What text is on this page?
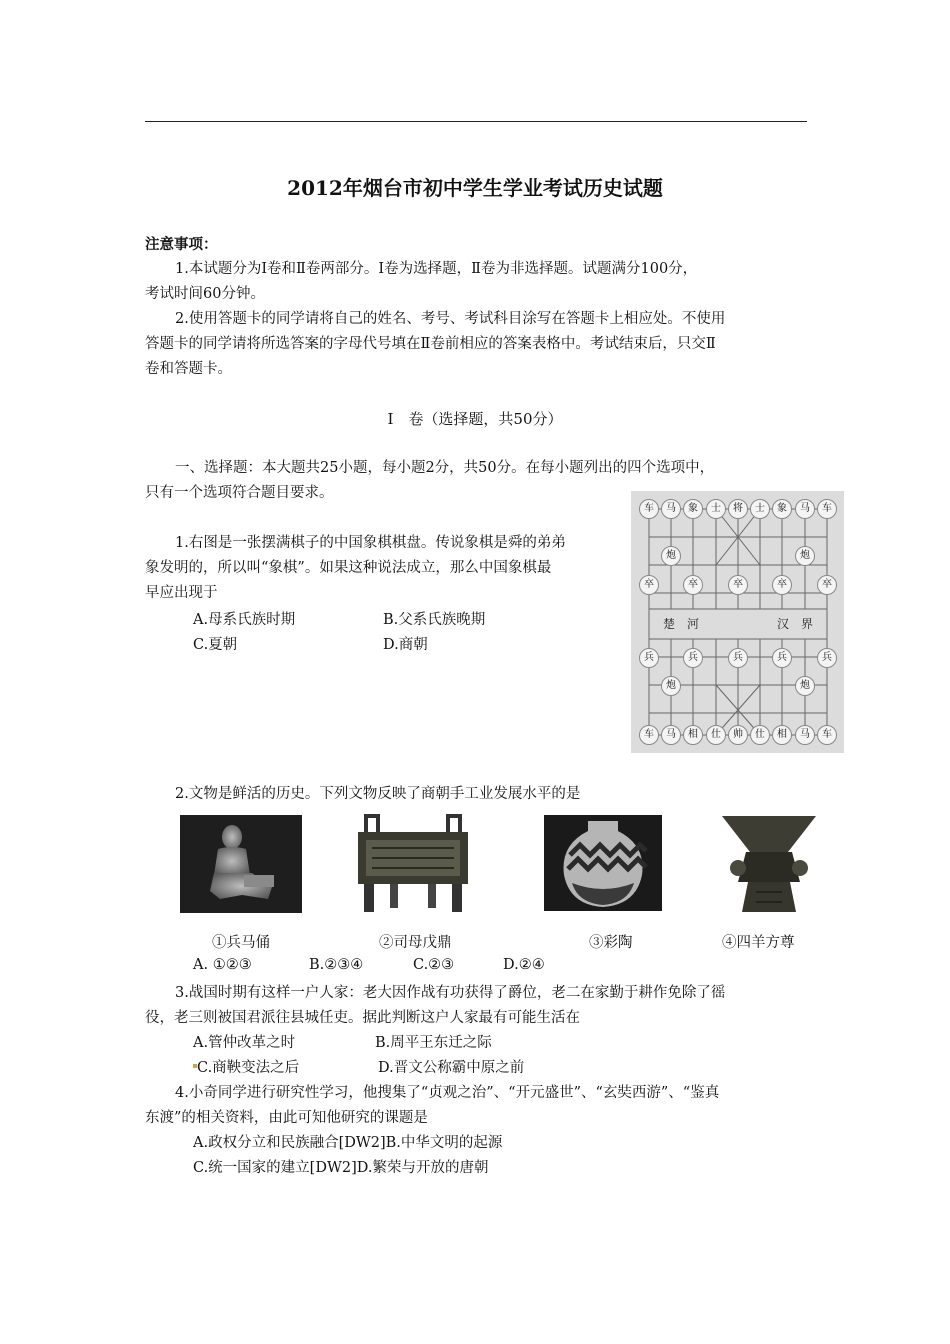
2012年烟台市初中学生学业考试历史试题
注意事项：
1.本试题分为Ⅰ卷和Ⅱ卷两部分。Ⅰ卷为选择题，Ⅱ卷为非选择题。试题满分100分，
考试时间60分钟。
2.使用答题卡的同学请将自己的姓名、考号、考试科目涂写在答题卡上相应处。不使用
答题卡的同学请将所选答案的字母代号填在Ⅱ卷前相应的答案表格中。考试结束后，只交Ⅱ
卷和答题卡。
Ⅰ　卷（选择题，共50分）
一、选择题：本大题共25小题，每小题2分，共50分。在每小题列出的四个选项中，
只有一个选项符合题目要求。
1.右图是一张摆满棋子的中国象棋棋盘。传说象棋是舜的弟弟
象发明的，所以叫“象棋”。如果这种说法成立，那么中国象棋最
早应出现于
A.母系氏族时期	B.父系氏族晚期
C.夏朝	D.商朝
楚　河	汉　界
车	马	象	士	将	士	象	马	车
炮	炮
卒	卒	卒	卒	卒
兵	兵	兵	兵	兵
炮	炮
车	马	相	仕	帅	仕	相	马	车
2.文物是鲜活的历史。下列文物反映了商朝手工业发展水平的是
①兵马俑	②司母戊鼎	③彩陶	④四羊方尊
A. ①②③	B.②③④	C.②③	D.②④
3.战国时期有这样一户人家：老大因作战有功获得了爵位，老二在家勤于耕作免除了徭
役，老三则被国君派往县城任吏。据此判断这户人家最有可能生活在
A.管仲改革之时	B.周平王东迁之际
C.商鞅变法之后	D.晋文公称霸中原之前
4.小奇同学进行研究性学习，他搜集了“贞观之治”、“开元盛世”、“玄奘西游”、“鉴真
东渡”的相关资料，由此可知他研究的课题是
A.政权分立和民族融合[DW2]B.中华文明的起源
C.统一国家的建立[DW2]D.繁荣与开放的唐朝
